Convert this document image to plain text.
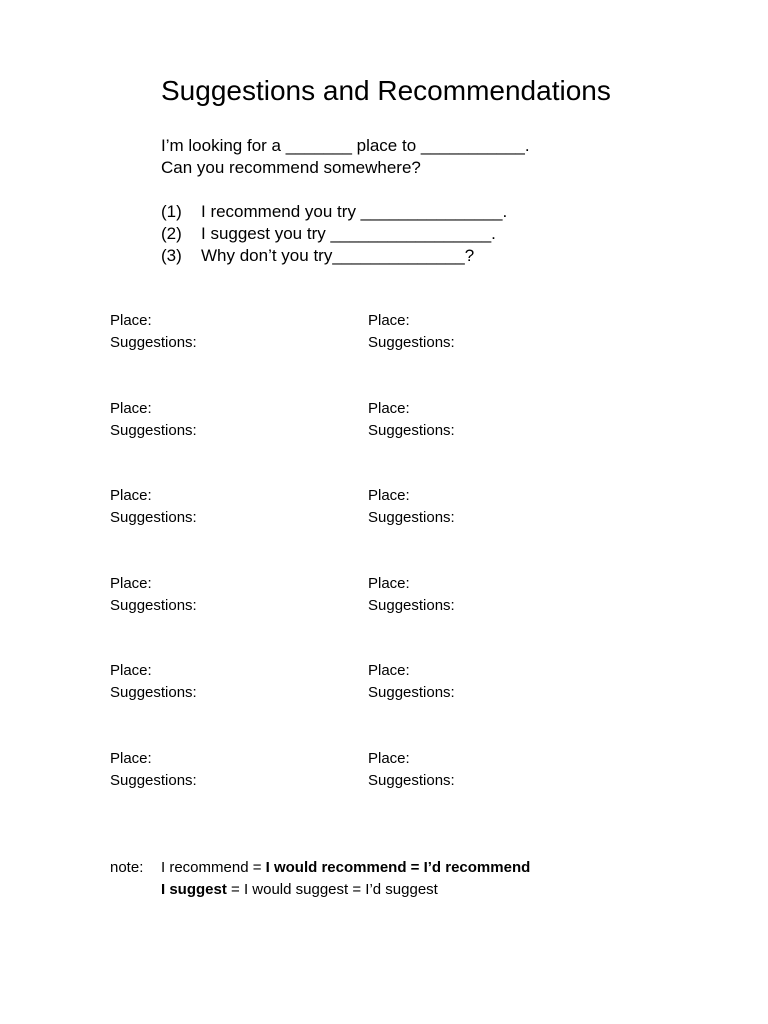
Suggestions and Recommendations
I’m looking for a _______ place to ___________.
Can you recommend somewhere?
(1) I recommend you try _______________.
(2) I suggest you try _________________.
(3) Why don’t you try______________?
Place:
Suggestions:
Place:
Suggestions:
Place:
Suggestions:
Place:
Suggestions:
Place:
Suggestions:
Place:
Suggestions:
Place:
Suggestions:
Place:
Suggestions:
Place:
Suggestions:
Place:
Suggestions:
Place:
Suggestions:
Place:
Suggestions:
note: I recommend = I would recommend = I’d recommend
I suggest = I would suggest = I’d suggest
